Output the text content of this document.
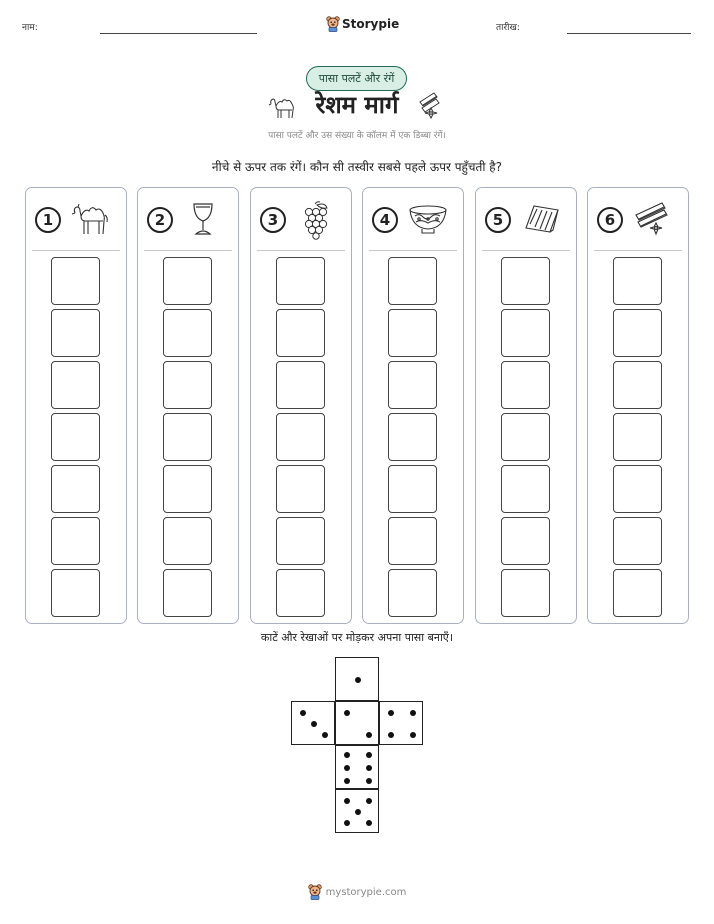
नाम:	Storypie	तारीख:
पासा पलटें और रंगें
रेशम मार्ग
पासा पलटें और उस संख्या के कॉलम में एक डिब्बा रंगें।
नीचे से ऊपर तक रंगें। कौन सी तस्वीर सबसे पहले ऊपर पहुँचती है?
1	2	3	4	5	6
काटें और रेखाओं पर मोड़कर अपना पासा बनाएँ।
mystorypie.com
